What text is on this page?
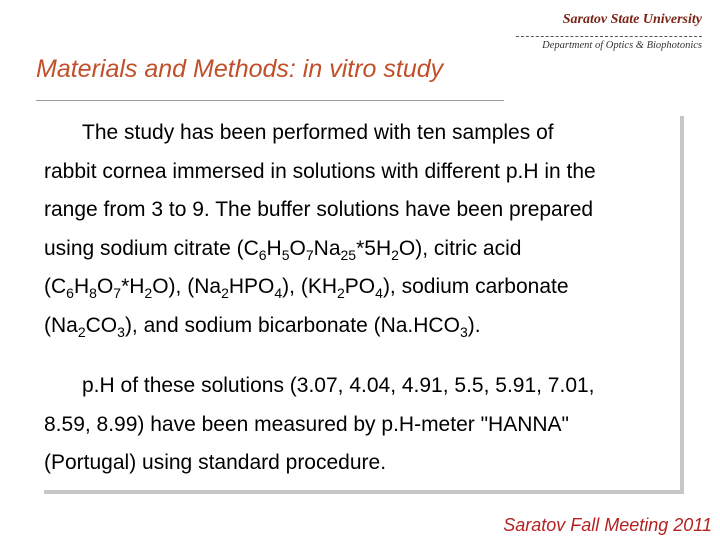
Saratov State University
Department of Optics & Biophotonics
Materials and Methods: in vitro study
The study has been performed with ten samples of
rabbit cornea immersed in solutions with different p.H in the
range from 3 to 9. The buffer solutions have been prepared
using sodium citrate $(C_6H_5O_7Na_{25}*5H_2O)$, citric acid
$(C_6H_8O_7*H_2O)$, $(Na_2HPO_4)$, $(KH_2PO_4)$, sodium carbonate
$(Na_2CO_3)$, and sodium bicarbonate $(Na.HCO_3)$.
p.H of these solutions (3.07, 4.04, 4.91, 5.5, 5.91, 7.01,
8.59, 8.99) have been measured by p.H-meter "HANNA"
(Portugal) using standard procedure.
Saratov Fall Meeting 2011
